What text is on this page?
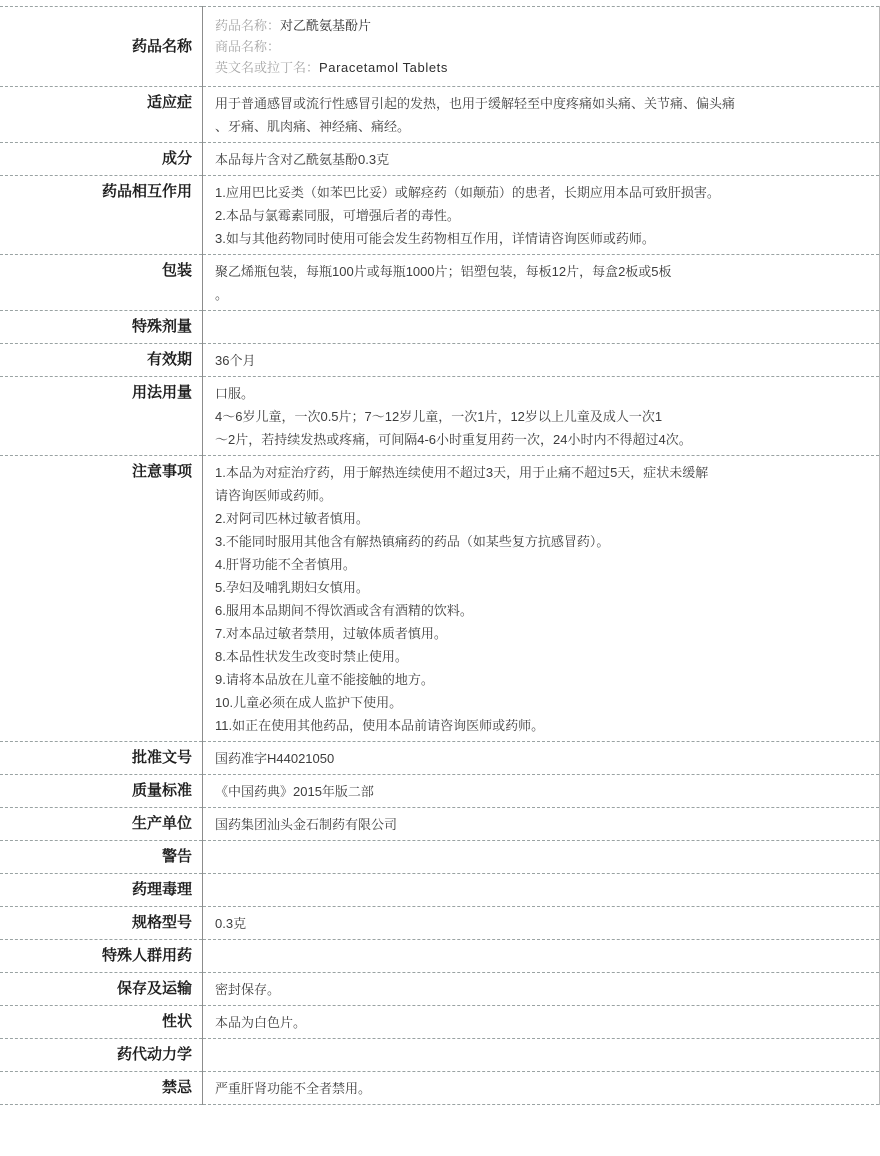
药品名称	药品名称：对乙酰氨基酚片
商品名称：
英文名或拉丁名：Paracetamol Tablets

适应症	用于普通感冒或流行性感冒引起的发热，也用于缓解轻至中度疼痛如头痛、关节痛、偏头痛
、牙痛、肌肉痛、神经痛、痛经。

成分	本品每片含对乙酰氨基酚0.3克

药品相互作用	1.应用巴比妥类（如苯巴比妥）或解痉药（如颠茄）的患者，长期应用本品可致肝损害。
2.本品与氯霉素同服，可增强后者的毒性。
3.如与其他药物同时使用可能会发生药物相互作用，详情请咨询医师或药师。

包装	聚乙烯瓶包装，每瓶100片或每瓶1000片；铝塑包装，每板12片，每盒2板或5板
。

特殊剂量	
有效期	36个月

用法用量	口服。
4～6岁儿童，一次0.5片；7～12岁儿童，一次1片，12岁以上儿童及成人一次1
～2片，若持续发热或疼痛，可间隔4-6小时重复用药一次，24小时内不得超过4次。

注意事项	1.本品为对症治疗药，用于解热连续使用不超过3天，用于止痛不超过5天，症状未缓解
请咨询医师或药师。
2.对阿司匹林过敏者慎用。
3.不能同时服用其他含有解热镇痛药的药品（如某些复方抗感冒药）。
4.肝肾功能不全者慎用。
5.孕妇及哺乳期妇女慎用。
6.服用本品期间不得饮酒或含有酒精的饮料。
7.对本品过敏者禁用，过敏体质者慎用。
8.本品性状发生改变时禁止使用。
9.请将本品放在儿童不能接触的地方。
10.儿童必须在成人监护下使用。
11.如正在使用其他药品，使用本品前请咨询医师或药师。

批准文号	国药准字H44021050

质量标准	《中国药典》2015年版二部

生产单位	国药集团汕头金石制药有限公司

警告	
药理毒理	
规格型号	0.3克

特殊人群用药	
保存及运输	密封保存。

性状	本品为白色片。

药代动力学	
禁忌	严重肝肾功能不全者禁用。
